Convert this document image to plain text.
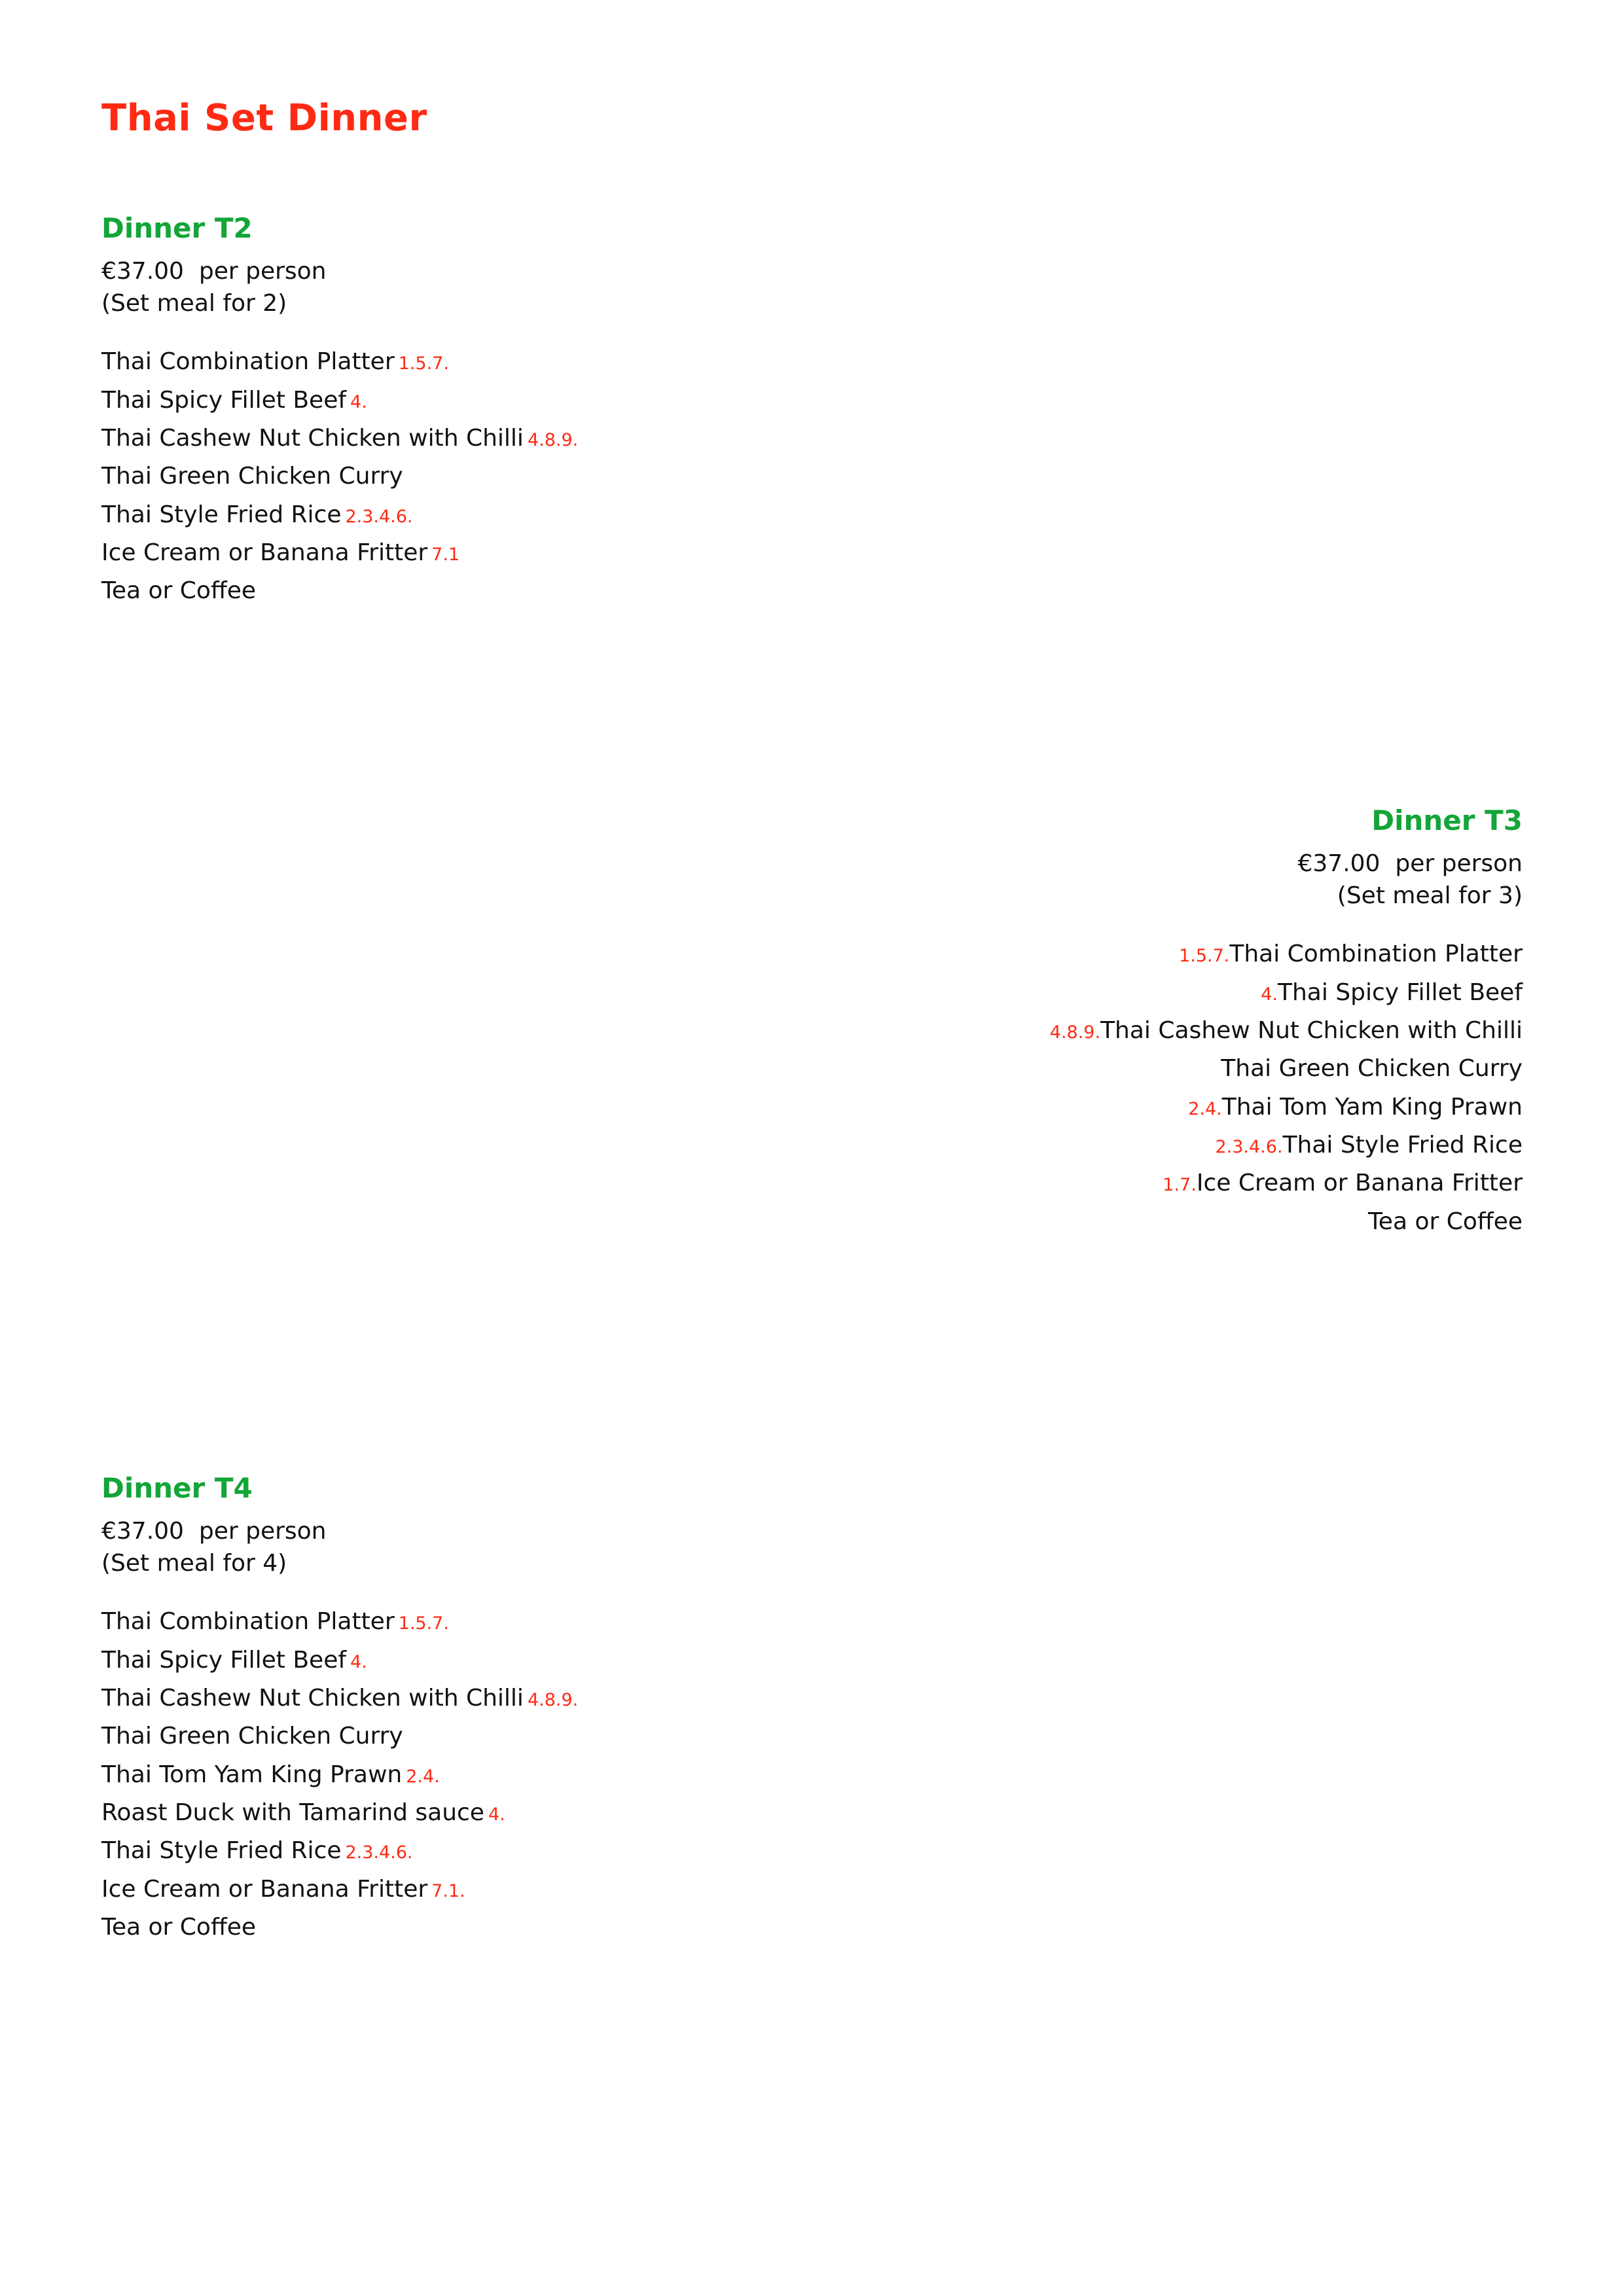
Thai Set Dinner
Dinner T2
€37.00  per person
(Set meal for 2)
Thai Combination Platter 1.5.7.
Thai Spicy Fillet Beef 4.
Thai Cashew Nut Chicken with Chilli 4.8.9.
Thai Green Chicken Curry
Thai Style Fried Rice 2.3.4.6.
Ice Cream or Banana Fritter 7.1
Tea or Coffee
Dinner T3
€37.00  per person
(Set meal for 3)
1.5.7.Thai Combination Platter
4.Thai Spicy Fillet Beef
4.8.9.Thai Cashew Nut Chicken with Chilli
Thai Green Chicken Curry
2.4.Thai Tom Yam King Prawn
2.3.4.6.Thai Style Fried Rice
1.7.Ice Cream or Banana Fritter
Tea or Coffee
Dinner T4
€37.00  per person
(Set meal for 4)
Thai Combination Platter 1.5.7.
Thai Spicy Fillet Beef 4.
Thai Cashew Nut Chicken with Chilli 4.8.9.
Thai Green Chicken Curry
Thai Tom Yam King Prawn 2.4.
Roast Duck with Tamarind sauce 4.
Thai Style Fried Rice 2.3.4.6.
Ice Cream or Banana Fritter 7.1.
Tea or Coffee
